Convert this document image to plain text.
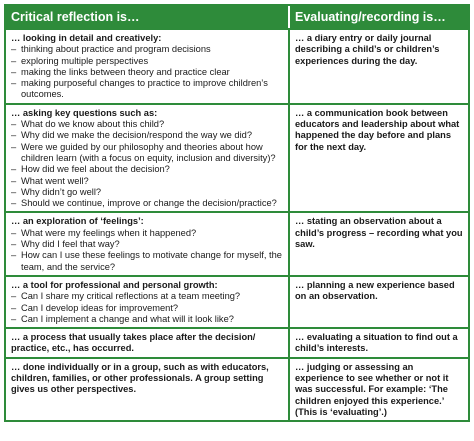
Critical reflection is…	Evaluating/recording is…
… looking in detail and creatively:
– thinking about practice and program decisions
– exploring multiple perspectives
– making the links between theory and practice clear
– making purposeful changes to practice to improve children’s outcomes.
… a diary entry or daily journal describing a child’s or children’s experiences during the day.
… asking key questions such as:
– What do we know about this child?
– Why did we make the decision/respond the way we did?
– Were we guided by our philosophy and theories about how children learn (with a focus on equity, inclusion and diversity)?
– How did we feel about the decision?
– What went well?
– Why didn’t go well?
– Should we continue, improve or change the decision/practice?
… a communication book between educators and leadership about what happened the day before and plans for the next day.
… an exploration of ‘feelings’:
– What were my feelings when it happened?
– Why did I feel that way?
– How can I use these feelings to motivate change for myself, the team, and the service?
… stating an observation about a child’s progress – recording what you saw.
… a tool for professional and personal growth:
– Can I share my critical reflections at a team meeting?
– Can I develop ideas for improvement?
– Can I implement a change and what will it look like?
… planning a new experience based on an observation.
… a process that usually takes place after the decision/ practice, etc., has occurred.
… evaluating a situation to find out a child’s interests.
… done individually or in a group, such as with educators, children, families, or other professionals. A group setting gives us other perspectives.
… judging or assessing an experience to see whether or not it was successful. For example: ‘The children enjoyed this experience.’ (This is ‘evaluating’.)
